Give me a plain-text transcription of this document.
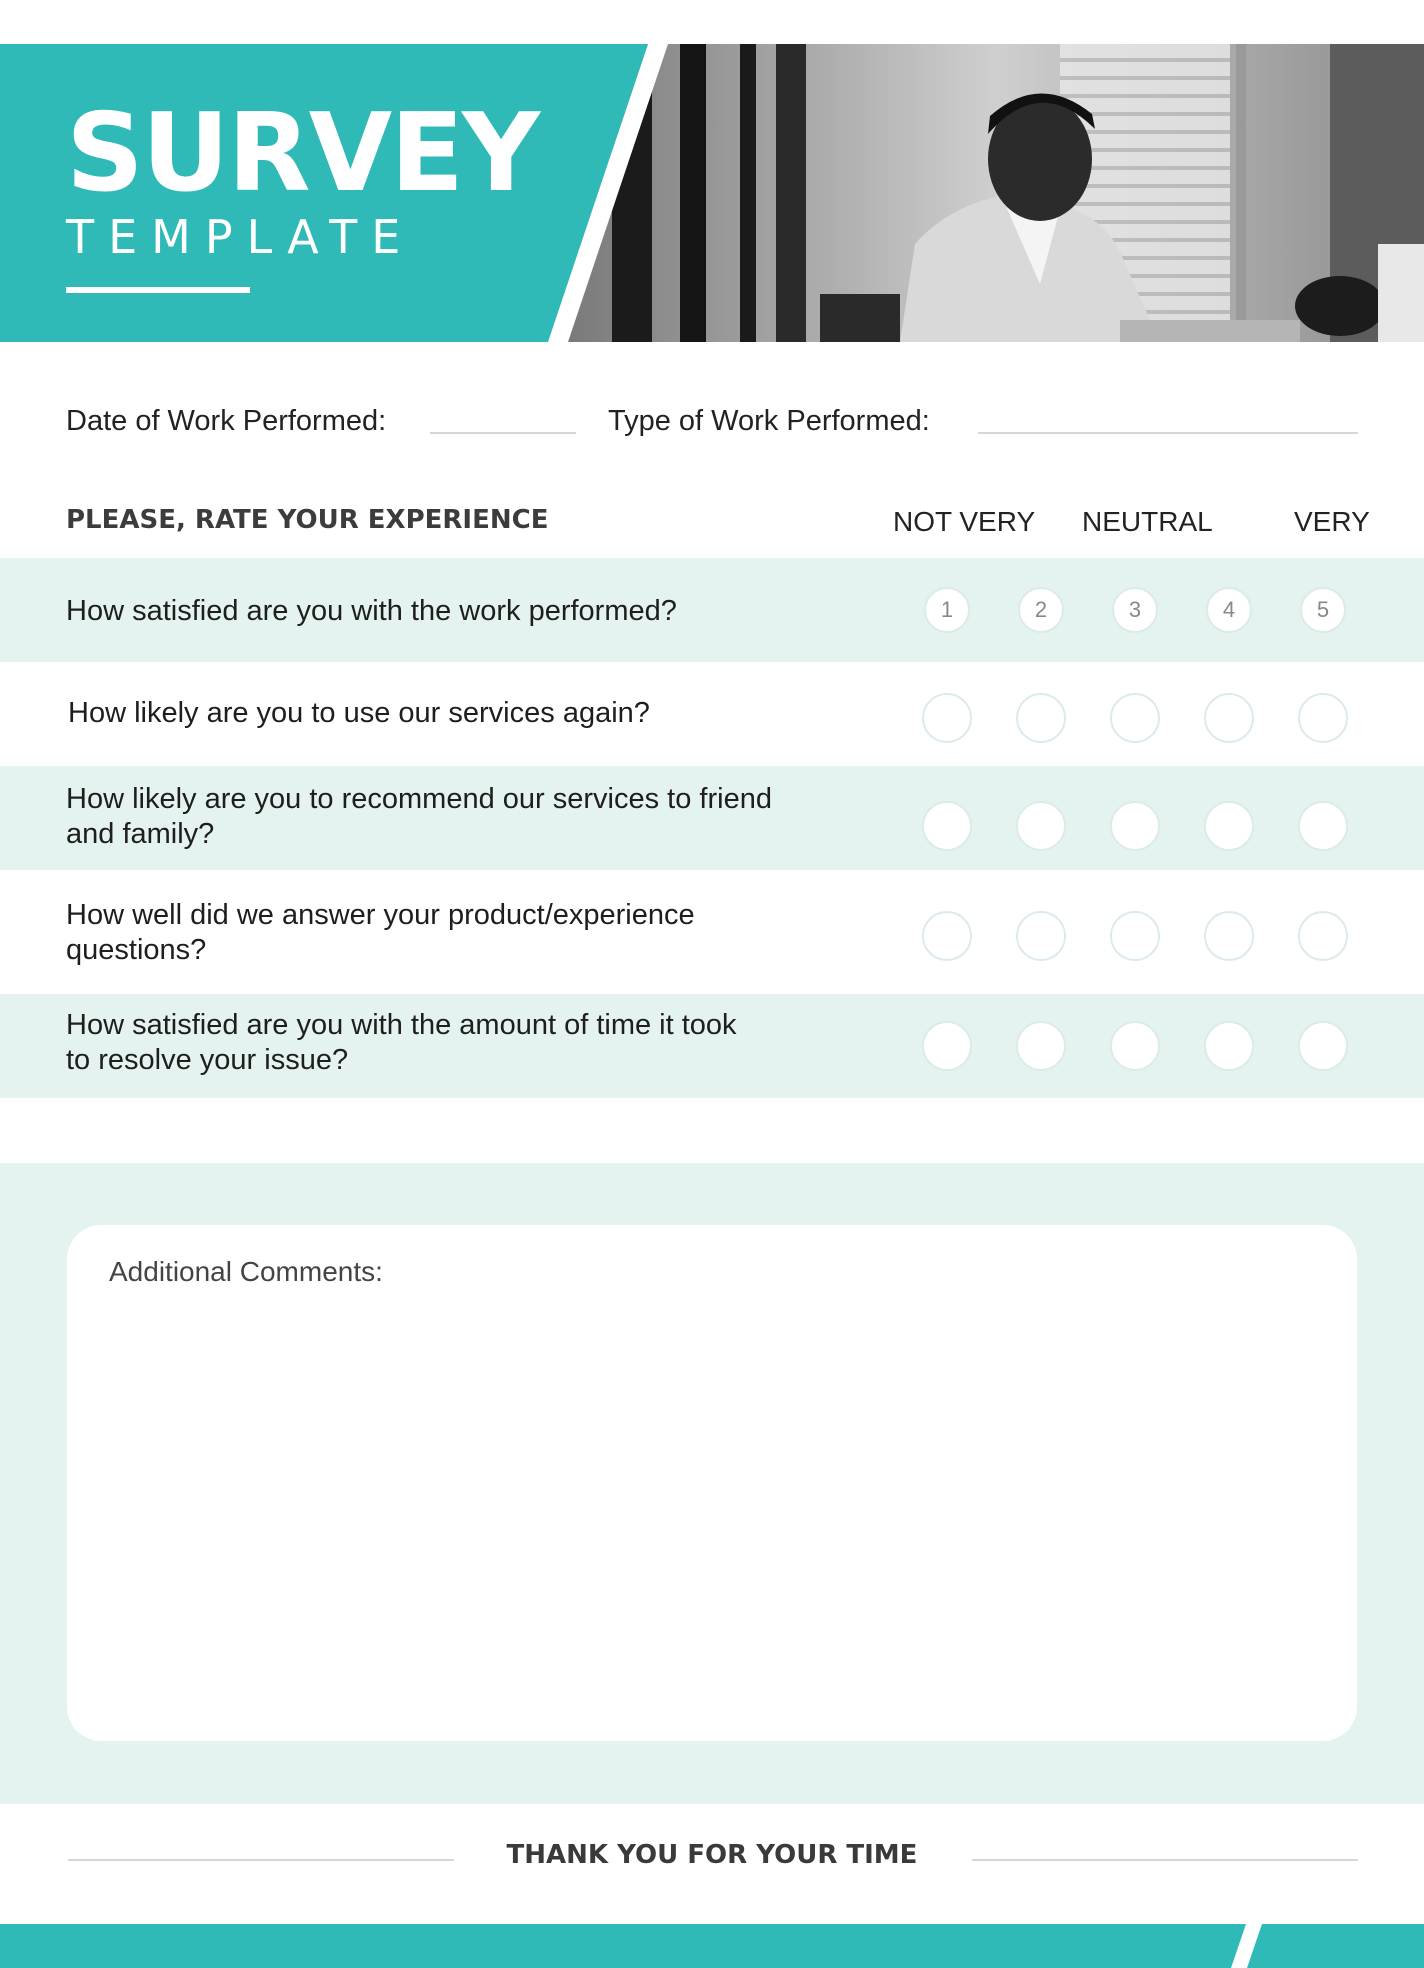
SURVEY
TEMPLATE
Date of Work Performed:	Type of Work Performed:
PLEASE, RATE YOUR EXPERIENCE	NOT VERY NEUTRAL	VERY
How satisfied are you with the work performed?	1	2	3	4	5
How likely are you to use our services again?
How likely are you to recommend our services to friend and family?
How well did we answer your product/experience questions?
How satisfied are you with the amount of time it took to resolve your issue?
Additional Comments:
THANK YOU FOR YOUR TIME
